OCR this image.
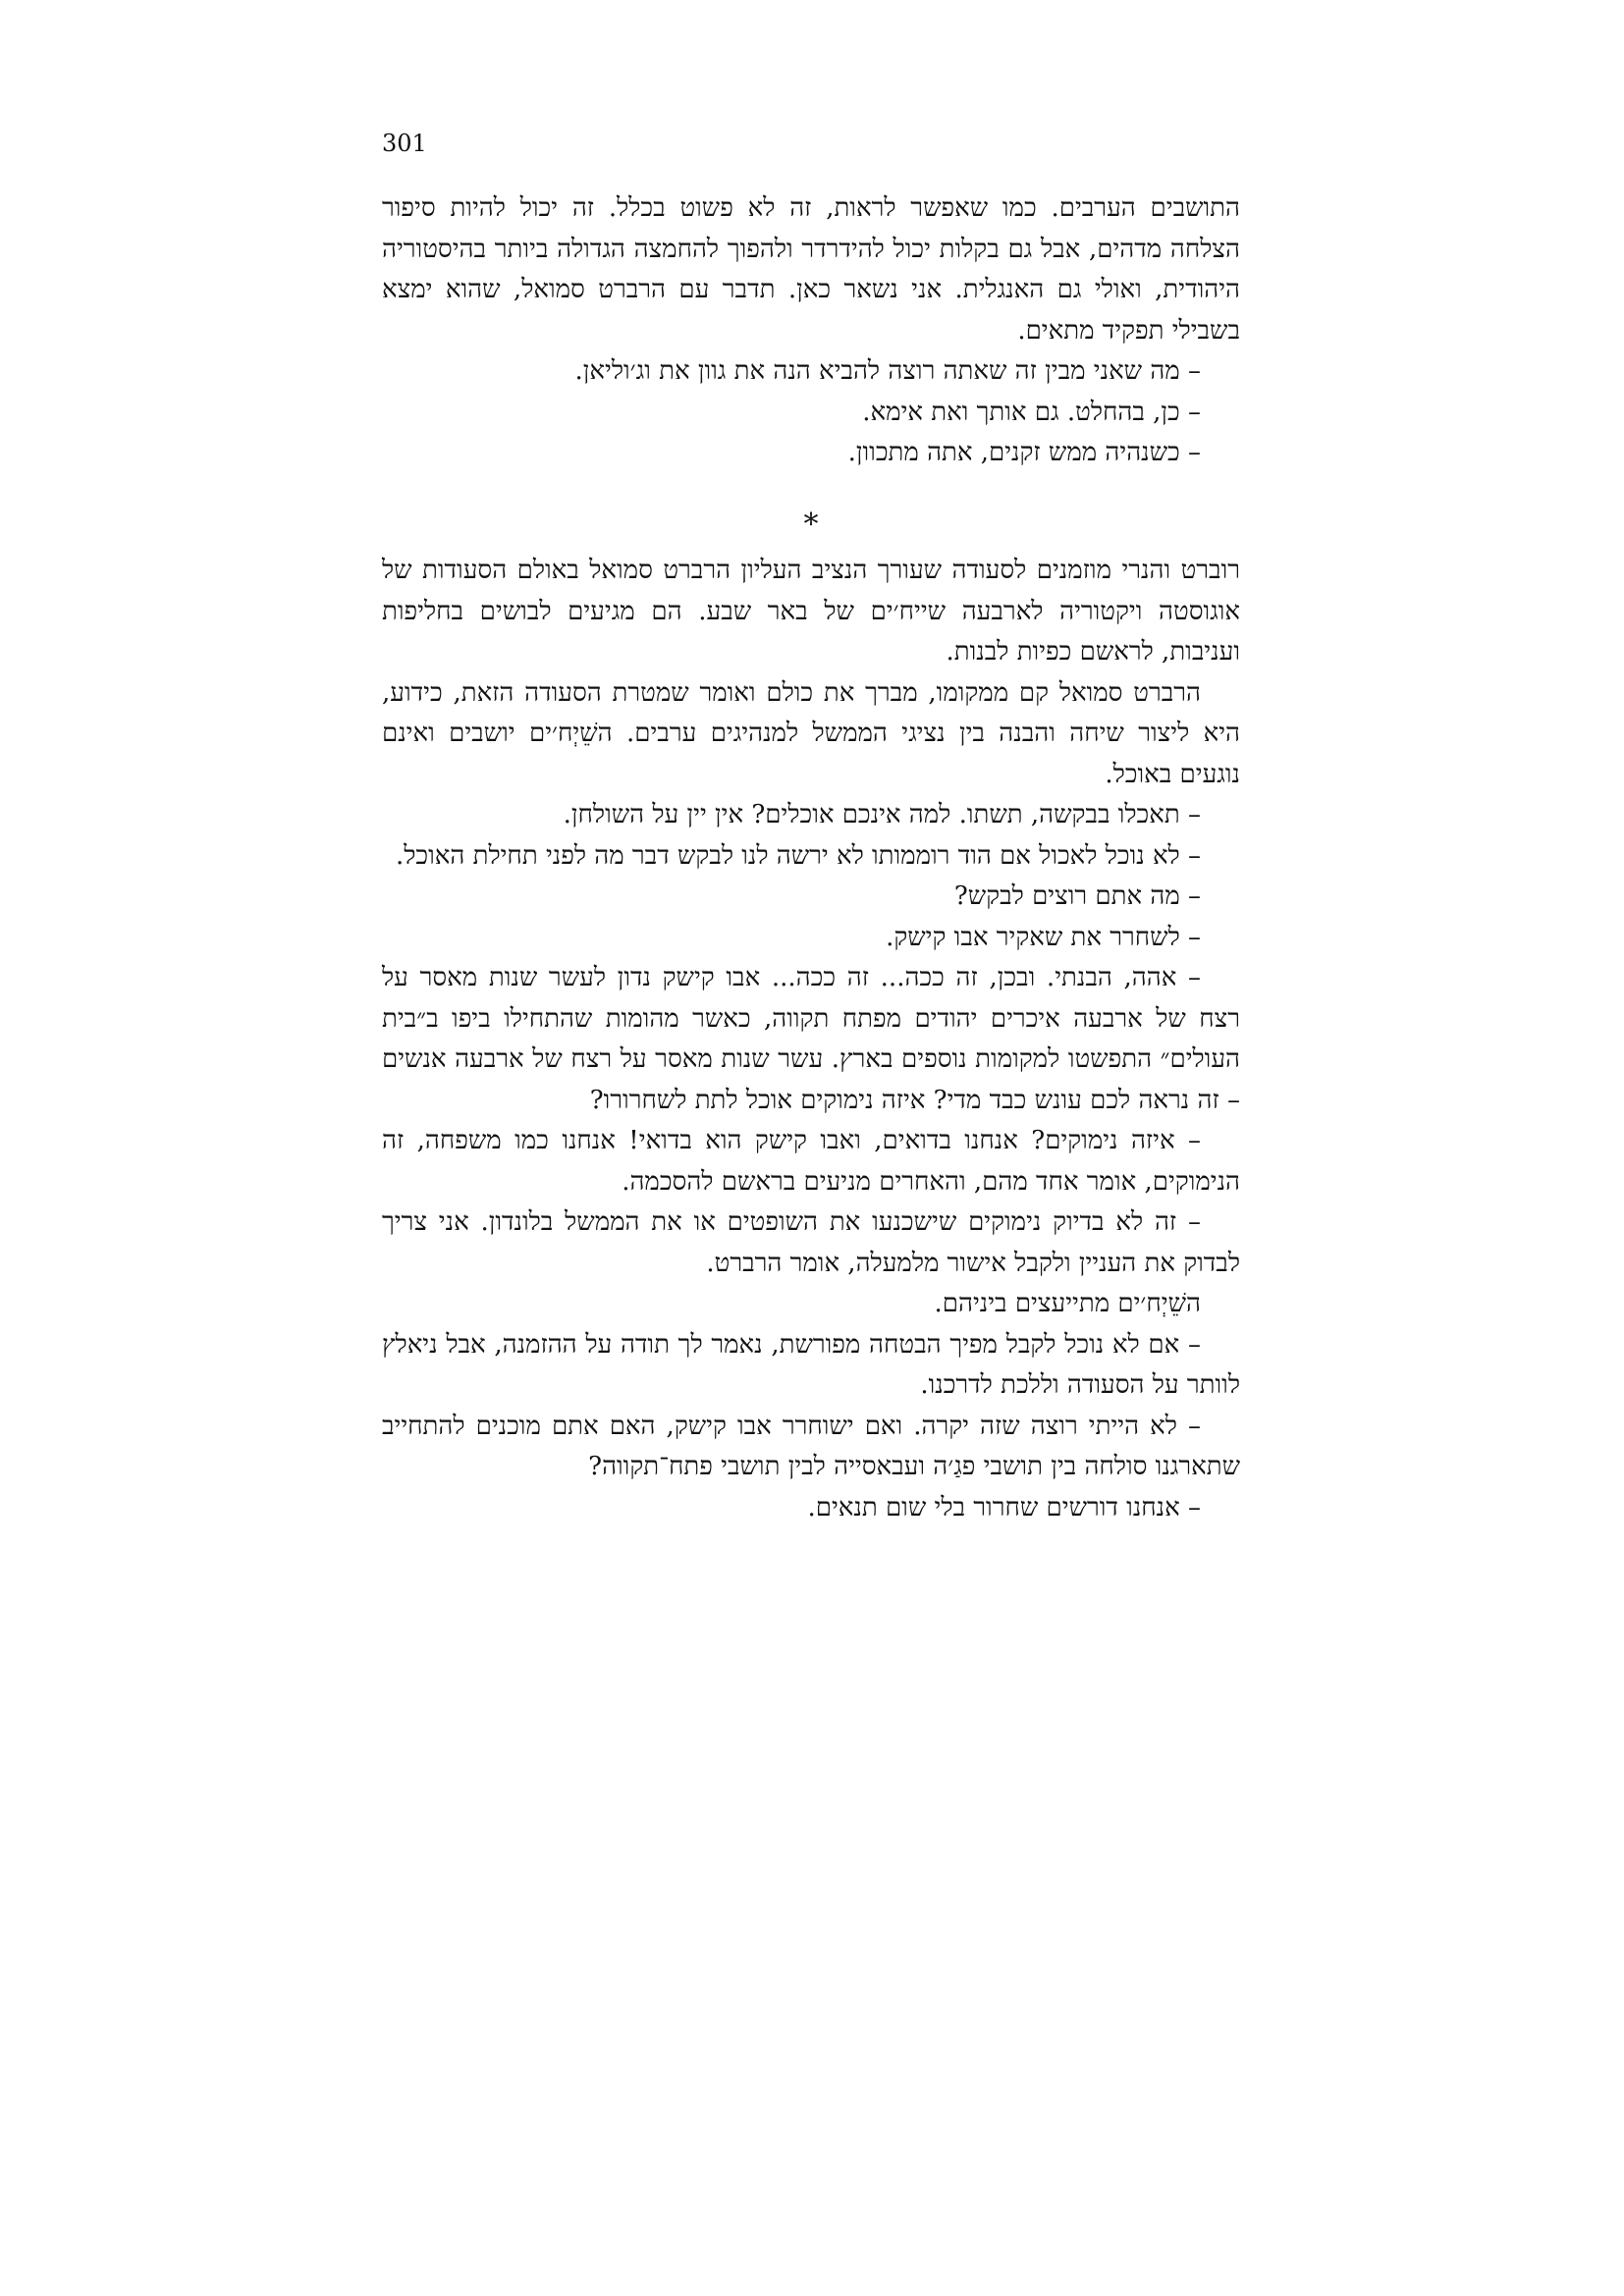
301

התושבים הערבים. כמו שאפשר לראות, זה לא פשוט בכלל. זה יכול להיות סיפור הצלחה מדהים, אבל גם בקלות יכול להידרדר ולהפוך להחמצה הגדולה ביותר בהיסטוריה היהודית, ואולי גם האנגלית. אני נשאר כאן. תדבר עם הרברט סמואל, שהוא ימצא בשבילי תפקיד מתאים.

– מה שאני מבין זה שאתה רוצה להביא הנה את גוון את וג׳וליאן.

– כן, בהחלט. גם אותך ואת אימא.

– כשנהיה ממש זקנים, אתה מתכוון.

*

רוברט והנרי מוזמנים לסעודה שעורך הנציב העליון הרברט סמואל באולם הסעודות של אוגוסטה ויקטוריה לארבעה שייח׳ים של באר שבע. הם מגיעים לבושים בחליפות ועניבות, לראשם כפיות לבנות.

הרברט סמואל קם ממקומו, מברך את כולם ואומר שמטרת הסעודה הזאת, כידוע, היא ליצור שיחה והבנה בין נציגי הממשל למנהיגים ערבים. השֵׁיְח׳ים יושבים ואינם נוגעים באוכל.

– תאכלו בבקשה, תשתו. למה אינכם אוכלים? אין יין על השולחן.

– לא נוכל לאכול אם הוד רוממותו לא ירשה לנו לבקש דבר מה לפני תחילת האוכל.

– מה אתם רוצים לבקש?

– לשחרר את שאקיר אבו קישק.

– אהה, הבנתי. ובכן, זה ככה... זה ככה... אבו קישק נדון לעשר שנות מאסר על רצח של ארבעה איכרים יהודים מפתח תקווה, כאשר מהומות שהתחילו ביפו ב״בית העולים״ התפשטו למקומות נוספים בארץ. עשר שנות מאסר על רצח של ארבעה אנשים – זה נראה לכם עונש כבד מדי? איזה נימוקים אוכל לתת לשחרורו?

– איזה נימוקים? אנחנו בדואים, ואבו קישק הוא בדואי! אנחנו כמו משפחה, זה הנימוקים, אומר אחד מהם, והאחרים מניעים בראשם להסכמה.

– זה לא בדיוק נימוקים שישכנעו את השופטים או את הממשל בלונדון. אני צריך לבדוק את העניין ולקבל אישור מלמעלה, אומר הרברט.

השֵׁיְח׳ים מתייעצים ביניהם.

– אם לא נוכל לקבל מפיך הבטחה מפורשת, נאמר לך תודה על ההזמנה, אבל ניאלץ לוותר על הסעודה וללכת לדרכנו.

– לא הייתי רוצה שזה יקרה. ואם ישוחרר אבו קישק, האם אתם מוכנים להתחייב שתארגנו סולחה בין תושבי פגַ׳ה ועבאסייה לבין תושבי פתח־תקווה?

– אנחנו דורשים שחרור בלי שום תנאים.
